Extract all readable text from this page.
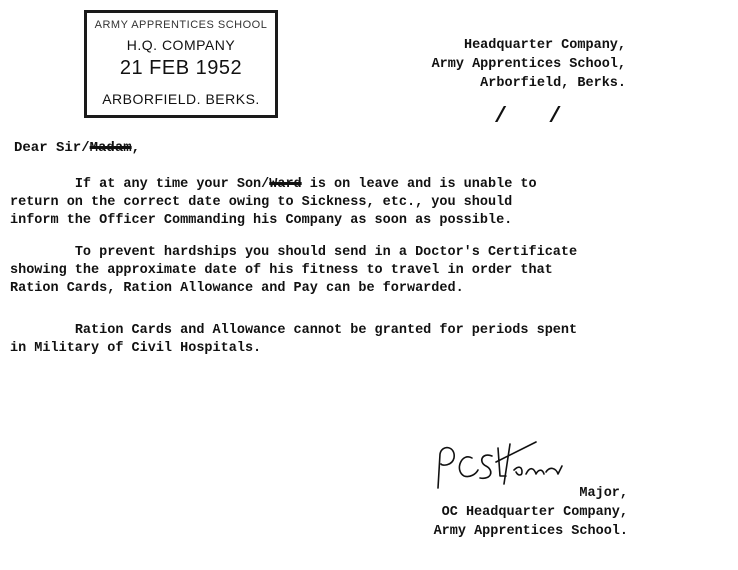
ARMY APPRENTICES SCHOOL
H.Q. COMPANY
21 FEB 1952
ARBORFIELD. BERKS.
Headquarter Company,
Army Apprentices School,
Arborfield, Berks.
/ /
Dear Sir/Madam,
If at any time your Son/Ward is on leave and is unable to
return on the correct date owing to Sickness, etc., you should
inform the Officer Commanding his Company as soon as possible.
To prevent hardships you should send in a Doctor's Certificate
showing the approximate date of his fitness to travel in order that
Ration Cards, Ration Allowance and Pay can be forwarded.
Ration Cards and Allowance cannot be granted for periods spent
in Military of Civil Hospitals.
Major,
OC Headquarter Company,
Army Apprentices School.
